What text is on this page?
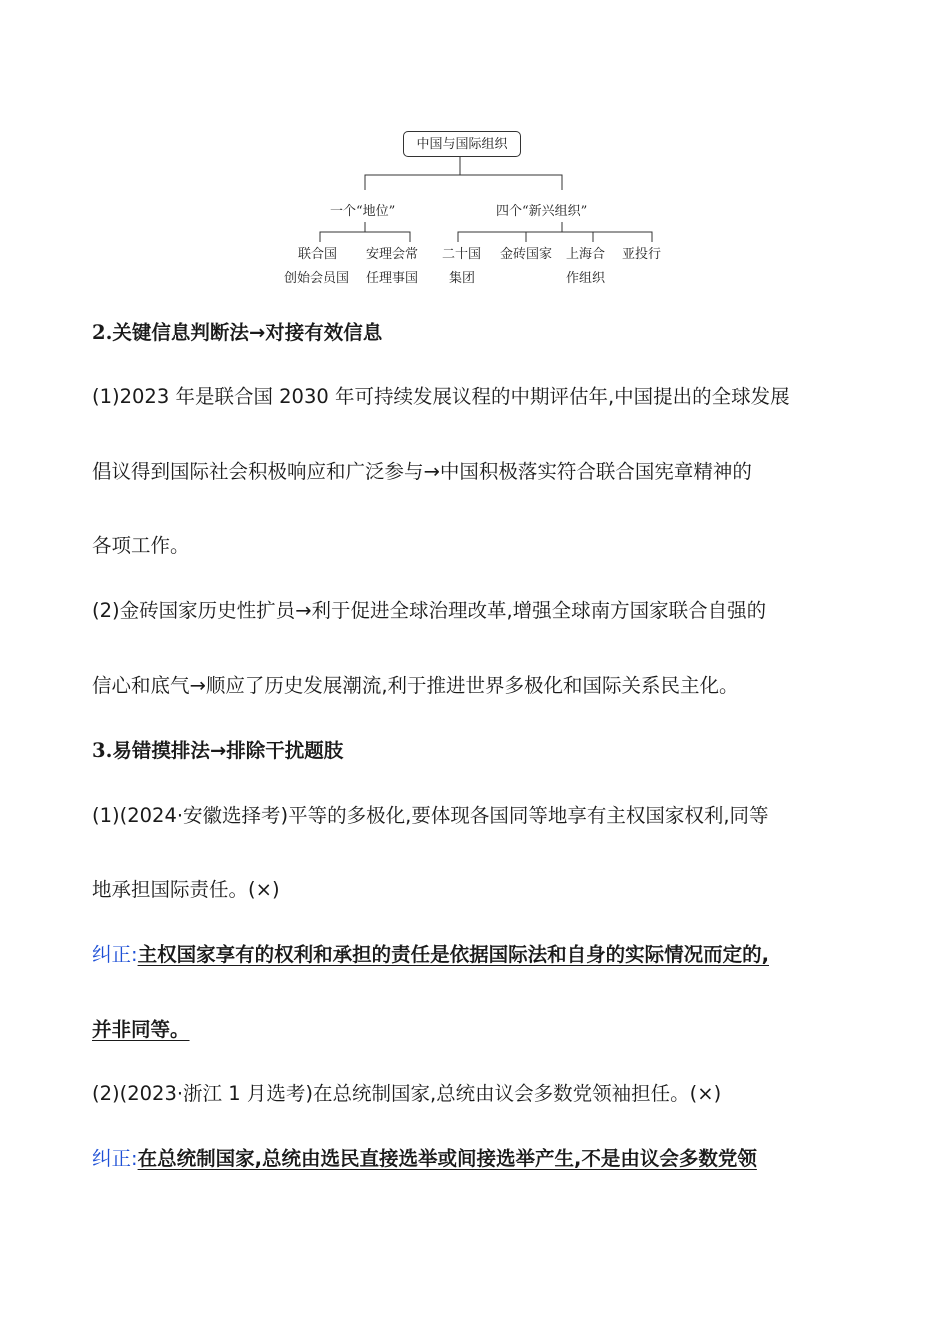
中国与国际组织
一个“地位”	四个“新兴组织”
联合国
创始会员国
安理会常
任理事国
二十国
集团
金砖国家 上海合
作组织
亚投行
2.关键信息判断法→对接有效信息
(1)2023 年是联合国 2030 年可持续发展议程的中期评估年,中国提出的全球发展
倡议得到国际社会积极响应和广泛参与→中国积极落实符合联合国宪章精神的
各项工作。
(2)金砖国家历史性扩员→利于促进全球治理改革,增强全球南方国家联合自强的
信心和底气→顺应了历史发展潮流,利于推进世界多极化和国际关系民主化。
3.易错摸排法→排除干扰题肢
(1)(2024·安徽选择考)平等的多极化,要体现各国同等地享有主权国家权利,同等
地承担国际责任。(×)
纠正:主权国家享有的权利和承担的责任是依据国际法和自身的实际情况而定的,
并非同等。
(2)(2023·浙江 1 月选考)在总统制国家,总统由议会多数党领袖担任。(×)
纠正:在总统制国家,总统由选民直接选举或间接选举产生,不是由议会多数党领
